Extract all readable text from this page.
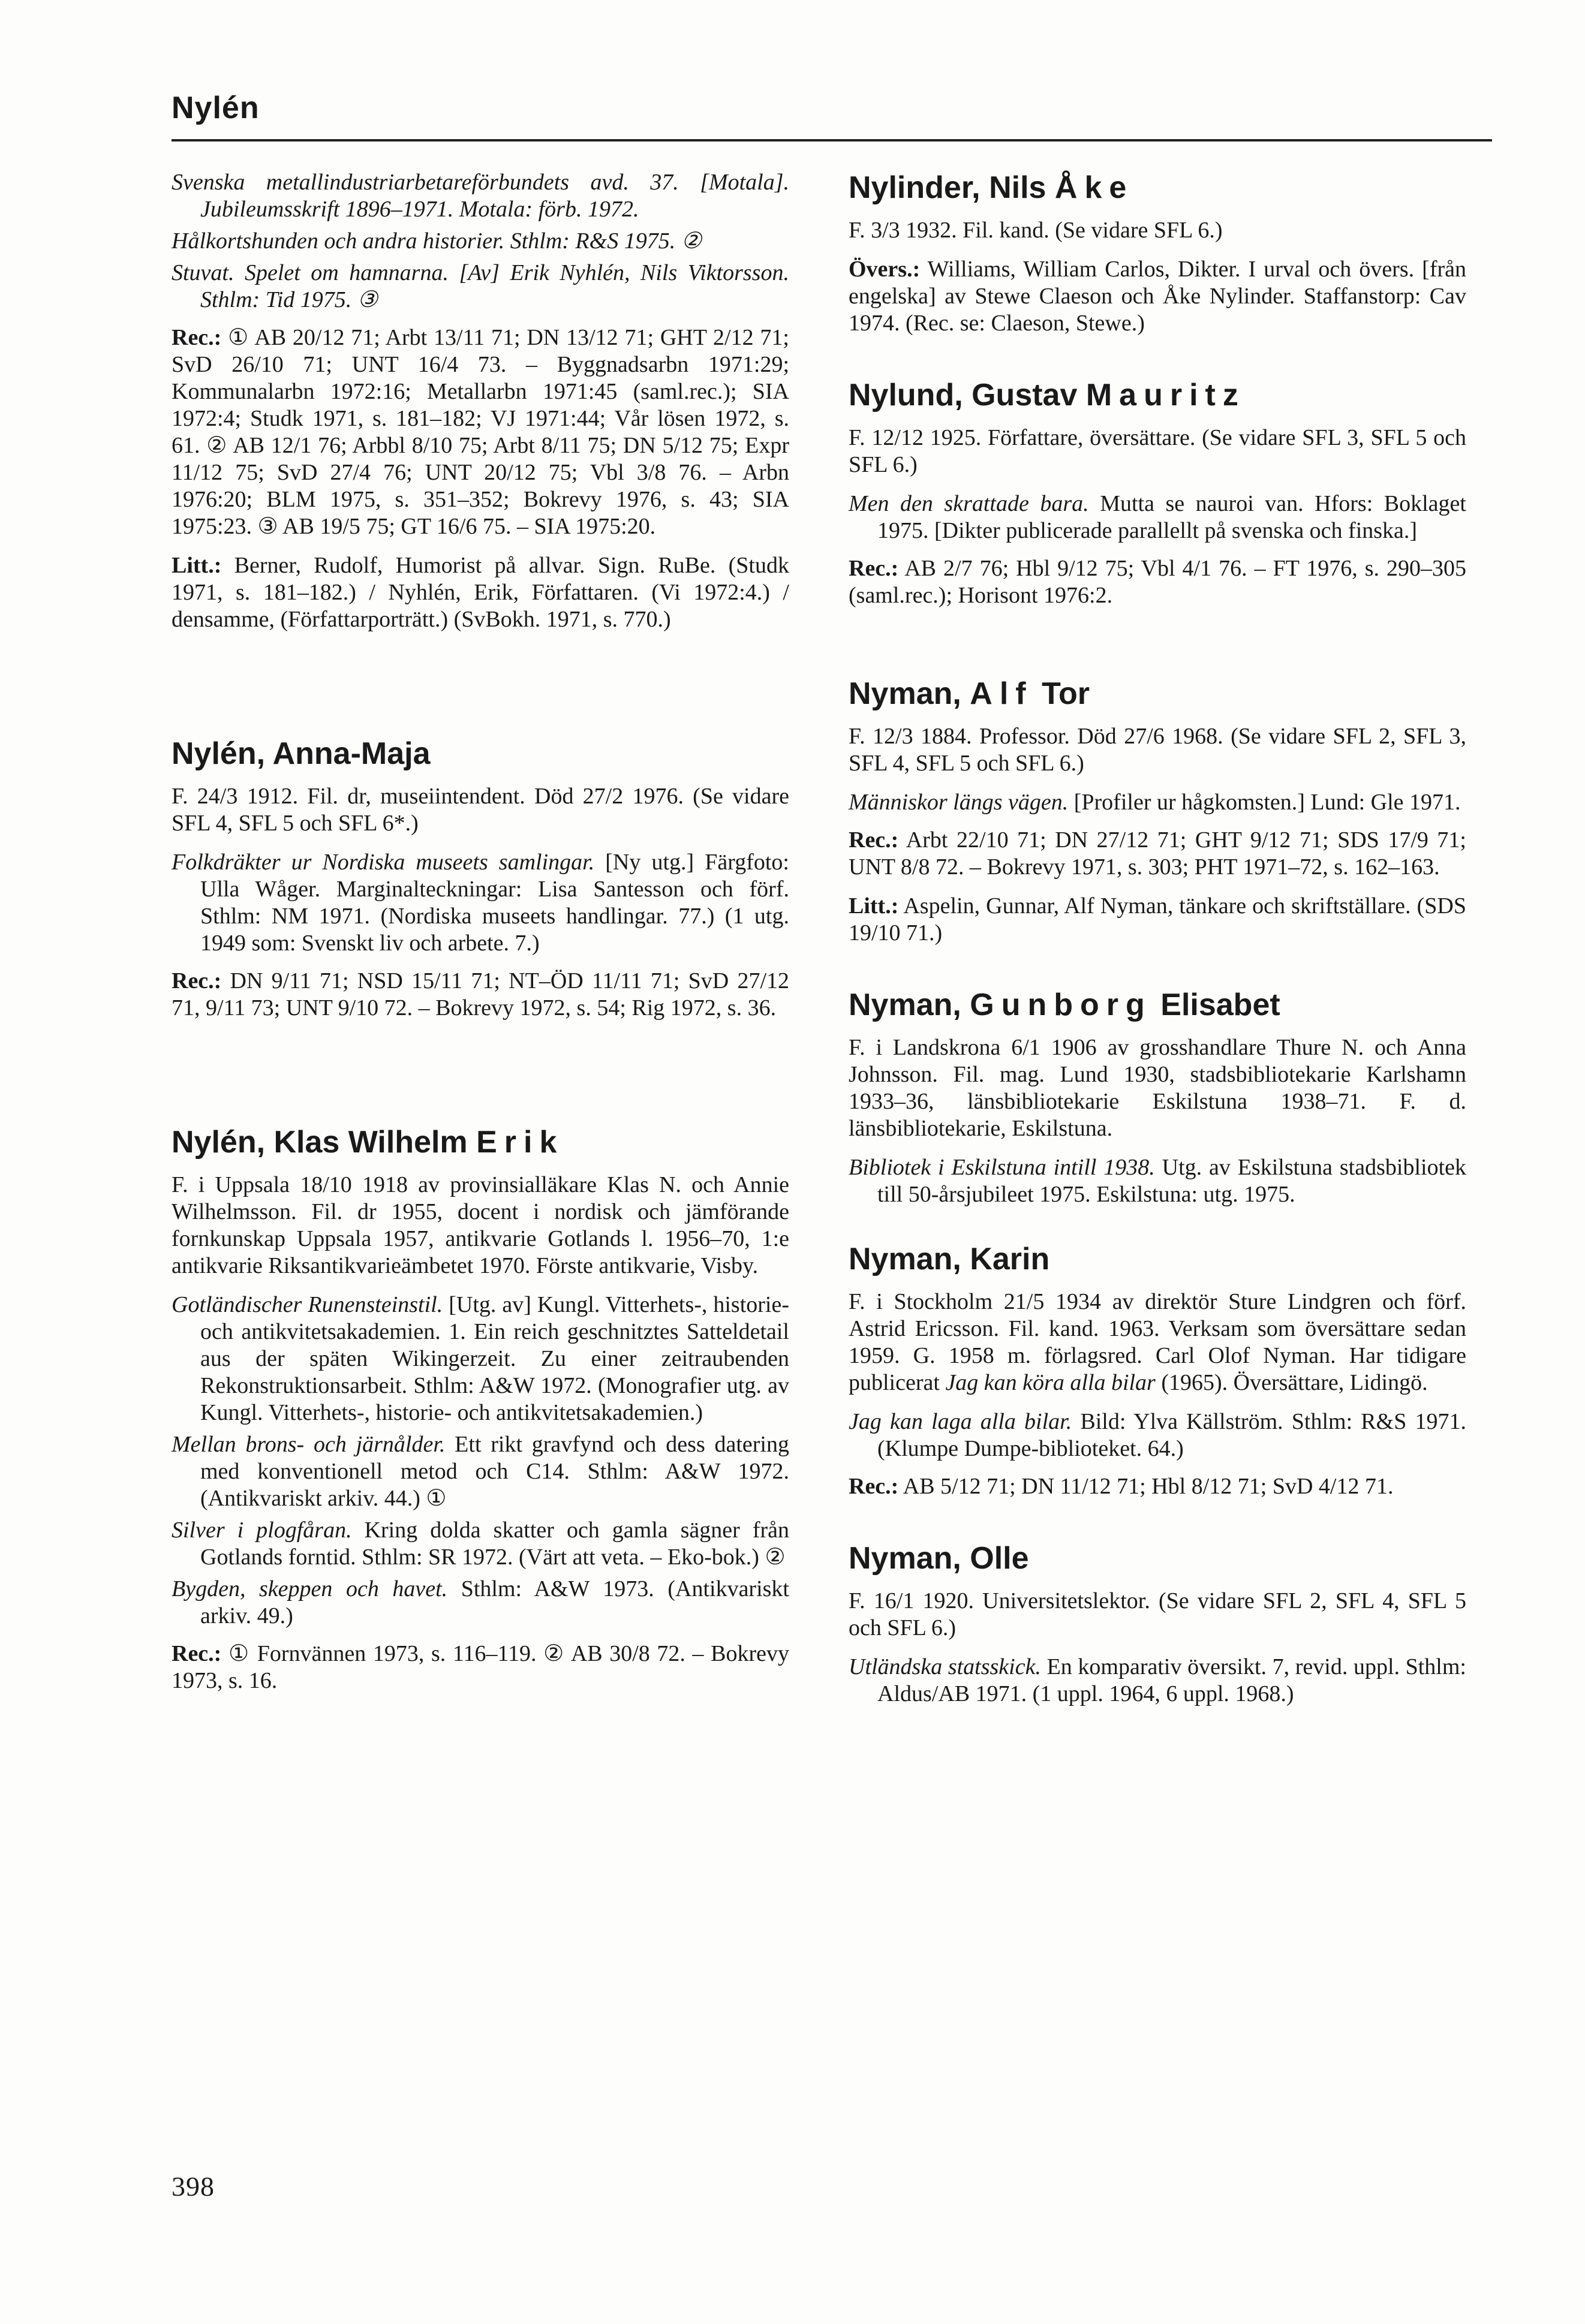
Nylén

Svenska metallindustriarbetareförbundets avd. 37. [Motala]. Jubileumsskrift 1896–1971. Motala: förb. 1972.

Hålkortshunden och andra historier. Sthlm: R&S 1975. ②

Stuvat. Spelet om hamnarna. [Av] Erik Nyhlén, Nils Viktorsson. Sthlm: Tid 1975. ③

Rec.: ① AB 20/12 71; Arbt 13/11 71; DN 13/12 71; GHT 2/12 71; SvD 26/10 71; UNT 16/4 73. – Byggnadsarbn 1971:29; Kommunalarbn 1972:16; Metallarbn 1971:45 (saml.rec.); SIA 1972:4; Studk 1971, s. 181–182; VJ 1971:44; Vår lösen 1972, s. 61. ② AB 12/1 76; Arbbl 8/10 75; Arbt 8/11 75; DN 5/12 75; Expr 11/12 75; SvD 27/4 76; UNT 20/12 75; Vbl 3/8 76. – Arbn 1976:20; BLM 1975, s. 351–352; Bokrevy 1976, s. 43; SIA 1975:23. ③ AB 19/5 75; GT 16/6 75. – SIA 1975:20.

Litt.: Berner, Rudolf, Humorist på allvar. Sign. RuBe. (Studk 1971, s. 181–182.) / Nyhlén, Erik, Författaren. (Vi 1972:4.) / densamme, (Författarporträtt.) (SvBokh. 1971, s. 770.)

Nylén, Anna-Maja

F. 24/3 1912. Fil. dr, museiintendent. Död 27/2 1976. (Se vidare SFL 4, SFL 5 och SFL 6*.)

Folkdräkter ur Nordiska museets samlingar. [Ny utg.] Färgfoto: Ulla Wåger. Marginalteckningar: Lisa Santesson och förf. Sthlm: NM 1971. (Nordiska museets handlingar. 77.) (1 utg. 1949 som: Svenskt liv och arbete. 7.)

Rec.: DN 9/11 71; NSD 15/11 71; NT–ÖD 11/11 71; SvD 27/12 71, 9/11 73; UNT 9/10 72. – Bokrevy 1972, s. 54; Rig 1972, s. 36.

Nylén, Klas Wilhelm Erik

F. i Uppsala 18/10 1918 av provinsialläkare Klas N. och Annie Wilhelmsson. Fil. dr 1955, docent i nordisk och jämförande fornkunskap Uppsala 1957, antikvarie Gotlands l. 1956–70, 1:e antikvarie Riksantikvarieämbetet 1970. Förste antikvarie, Visby.

Gotländischer Runensteinstil. [Utg. av] Kungl. Vitterhets-, historie- och antikvitetsakademien. 1. Ein reich geschnitztes Satteldetail aus der späten Wikingerzeit. Zu einer zeitraubenden Rekonstruktionsarbeit. Sthlm: A&W 1972. (Monografier utg. av Kungl. Vitterhets-, historie- och antikvitetsakademien.)

Mellan brons- och järnålder. Ett rikt gravfynd och dess datering med konventionell metod och C14. Sthlm: A&W 1972. (Antikvariskt arkiv. 44.) ①

Silver i plogfåran. Kring dolda skatter och gamla sägner från Gotlands forntid. Sthlm: SR 1972. (Värt att veta. – Eko-bok.) ②

Bygden, skeppen och havet. Sthlm: A&W 1973. (Antikvariskt arkiv. 49.)

Rec.: ① Fornvännen 1973, s. 116–119. ② AB 30/8 72. – Bokrevy 1973, s. 16.

Nylinder, Nils Åke

F. 3/3 1932. Fil. kand. (Se vidare SFL 6.)

Övers.: Williams, William Carlos, Dikter. I urval och övers. [från engelska] av Stewe Claeson och Åke Nylinder. Staffanstorp: Cav 1974. (Rec. se: Claeson, Stewe.)

Nylund, Gustav Mauritz

F. 12/12 1925. Författare, översättare. (Se vidare SFL 3, SFL 5 och SFL 6.)

Men den skrattade bara. Mutta se nauroi van. Hfors: Boklaget 1975. [Dikter publicerade parallellt på svenska och finska.]

Rec.: AB 2/7 76; Hbl 9/12 75; Vbl 4/1 76. – FT 1976, s. 290–305 (saml.rec.); Horisont 1976:2.

Nyman, Alf Tor

F. 12/3 1884. Professor. Död 27/6 1968. (Se vidare SFL 2, SFL 3, SFL 4, SFL 5 och SFL 6.)

Människor längs vägen. [Profiler ur hågkomsten.] Lund: Gle 1971.

Rec.: Arbt 22/10 71; DN 27/12 71; GHT 9/12 71; SDS 17/9 71; UNT 8/8 72. – Bokrevy 1971, s. 303; PHT 1971–72, s. 162–163.

Litt.: Aspelin, Gunnar, Alf Nyman, tänkare och skriftställare. (SDS 19/10 71.)

Nyman, Gunborg Elisabet

F. i Landskrona 6/1 1906 av grosshandlare Thure N. och Anna Johnsson. Fil. mag. Lund 1930, stadsbibliotekarie Karlshamn 1933–36, länsbibliotekarie Eskilstuna 1938–71. F. d. länsbibliotekarie, Eskilstuna.

Bibliotek i Eskilstuna intill 1938. Utg. av Eskilstuna stadsbibliotek till 50-årsjubileet 1975. Eskilstuna: utg. 1975.

Nyman, Karin

F. i Stockholm 21/5 1934 av direktör Sture Lindgren och förf. Astrid Ericsson. Fil. kand. 1963. Verksam som översättare sedan 1959. G. 1958 m. förlagsred. Carl Olof Nyman. Har tidigare publicerat Jag kan köra alla bilar (1965). Översättare, Lidingö.

Jag kan laga alla bilar. Bild: Ylva Källström. Sthlm: R&S 1971. (Klumpe Dumpe-biblioteket. 64.)

Rec.: AB 5/12 71; DN 11/12 71; Hbl 8/12 71; SvD 4/12 71.

Nyman, Olle

F. 16/1 1920. Universitetslektor. (Se vidare SFL 2, SFL 4, SFL 5 och SFL 6.)

Utländska statsskick. En komparativ översikt. 7, revid. uppl. Sthlm: Aldus/AB 1971. (1 uppl. 1964, 6 uppl. 1968.)

398
